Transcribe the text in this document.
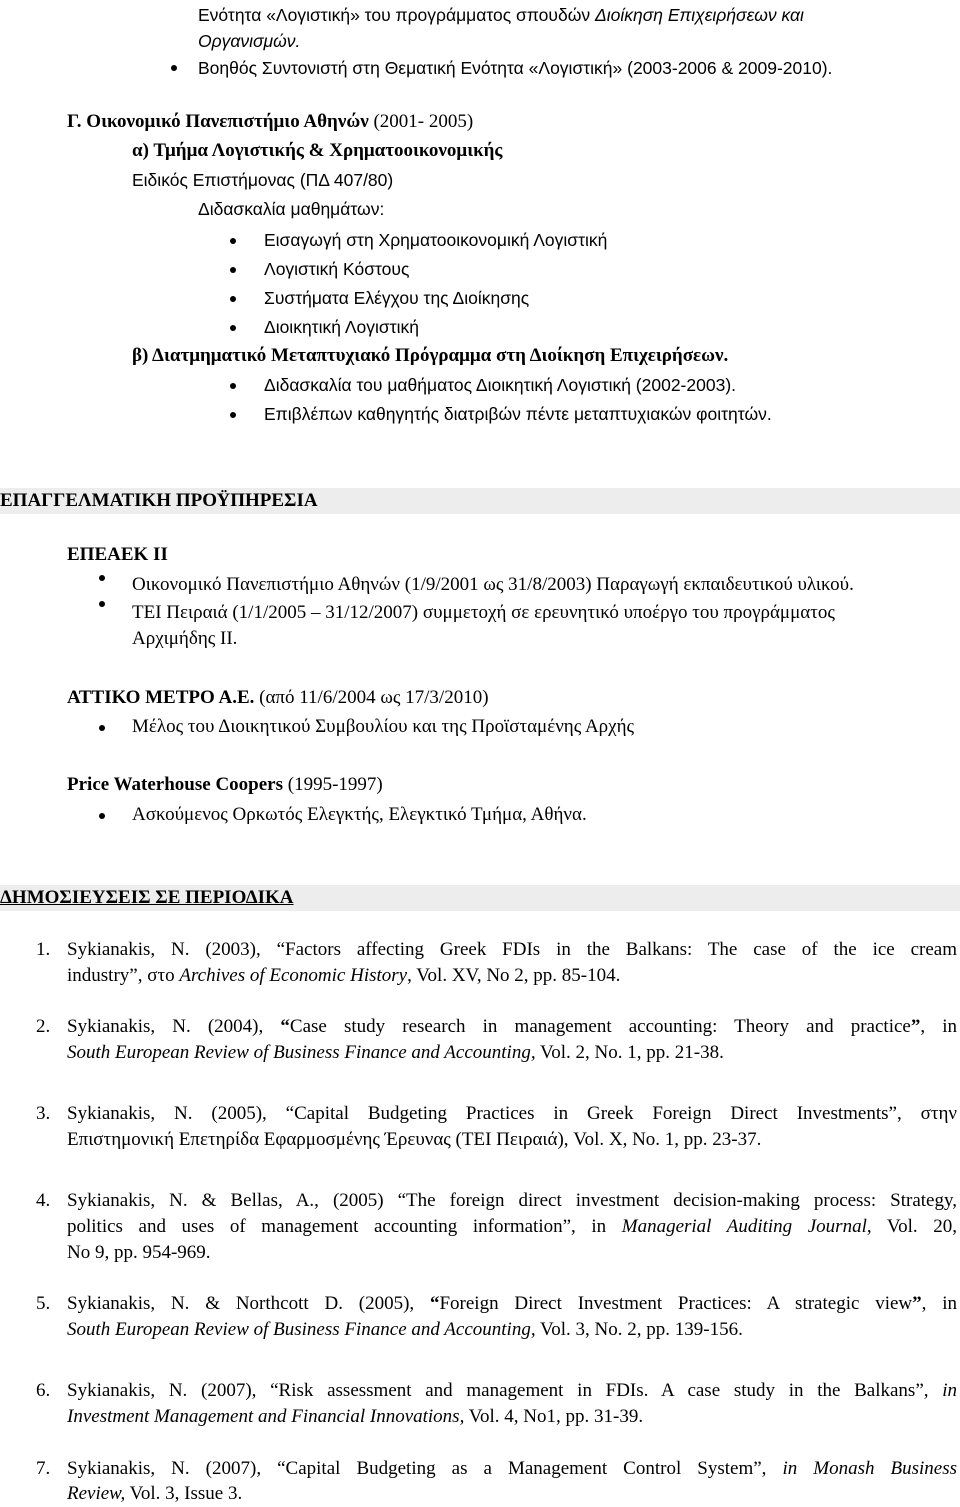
Ενότητα «Λογιστική» του προγράμματος σπουδών Διοίκηση Επιχειρήσεων και
Οργανισμών.
Βοηθός Συντονιστή στη Θεματική Ενότητα «Λογιστική» (2003-2006 & 2009-2010).
Γ. Οικονομικό Πανεπιστήμιο Αθηνών (2001- 2005)
α) Τμήμα Λογιστικής & Χρηματοοικονομικής
Ειδικός Επιστήμονας (ΠΔ 407/80)
Διδασκαλία μαθημάτων:
Εισαγωγή στη Χρηματοοικονομική Λογιστική
Λογιστική Κόστους
Συστήματα Ελέγχου της Διοίκησης
Διοικητική Λογιστική
β) Διατμηματικό Μεταπτυχιακό Πρόγραμμα στη Διοίκηση Επιχειρήσεων.
Διδασκαλία του μαθήματος Διοικητική Λογιστική (2002-2003).
Επιβλέπων καθηγητής διατριβών πέντε μεταπτυχιακών φοιτητών.
ΕΠΑΓΓΕΛΜΑΤΙΚΗ ΠΡΟΫΠΗΡΕΣΙΑ
ΕΠΕΑΕΚ ΙΙ
Οικονομικό Πανεπιστήμιο Αθηνών (1/9/2001 ως 31/8/2003) Παραγωγή εκπαιδευτικού υλικού.
ΤΕΙ Πειραιά (1/1/2005 – 31/12/2007) συμμετοχή σε ερευνητικό υποέργο του προγράμματος
Αρχιμήδης ΙΙ.
ΑΤΤΙΚΟ ΜΕΤΡΟ Α.Ε. (από 11/6/2004 ως 17/3/2010)
Μέλος του Διοικητικού Συμβουλίου και της Προϊσταμένης Αρχής
Price Waterhouse Coopers (1995-1997)
Ασκούμενος Ορκωτός Ελεγκτής, Ελεγκτικό Τμήμα, Αθήνα.
ΔΗΜΟΣΙΕΥΣΕΙΣ ΣΕ ΠΕΡΙΟΔΙΚΑ
1. Sykianakis, N. (2003), “Factors affecting Greek FDIs in the Balkans: The case of the ice cream
industry”, στο Archives of Economic History, Vol. XV, No 2, pp. 85-104.
2. Sykianakis, N. (2004), “Case study research in management accounting: Theory and practice”, in
South European Review of Business Finance and Accounting, Vol. 2, No. 1, pp. 21-38.
3. Sykianakis, N. (2005), “Capital Budgeting Practices in Greek Foreign Direct Investments”, στην
Επιστημονική Επετηρίδα Εφαρμοσμένης Έρευνας (ΤΕΙ Πειραιά), Vol. X, No. 1, pp. 23-37.
4. Sykianakis, N. & Bellas, A., (2005) “The foreign direct investment decision-making process: Strategy,
politics and uses of management accounting information”, in Managerial Auditing Journal, Vol. 20,
No 9, pp. 954-969.
5. Sykianakis, N. & Northcott D. (2005), “Foreign Direct Investment Practices: A strategic view”, in
South European Review of Business Finance and Accounting, Vol. 3, No. 2, pp. 139-156.
6. Sykianakis, N. (2007), “Risk assessment and management in FDIs. A case study in the Balkans”, in
Investment Management and Financial Innovations, Vol. 4, No1, pp. 31-39.
7. Sykianakis, N. (2007), “Capital Budgeting as a Management Control System”, in Monash Business
Review, Vol. 3, Issue 3.
